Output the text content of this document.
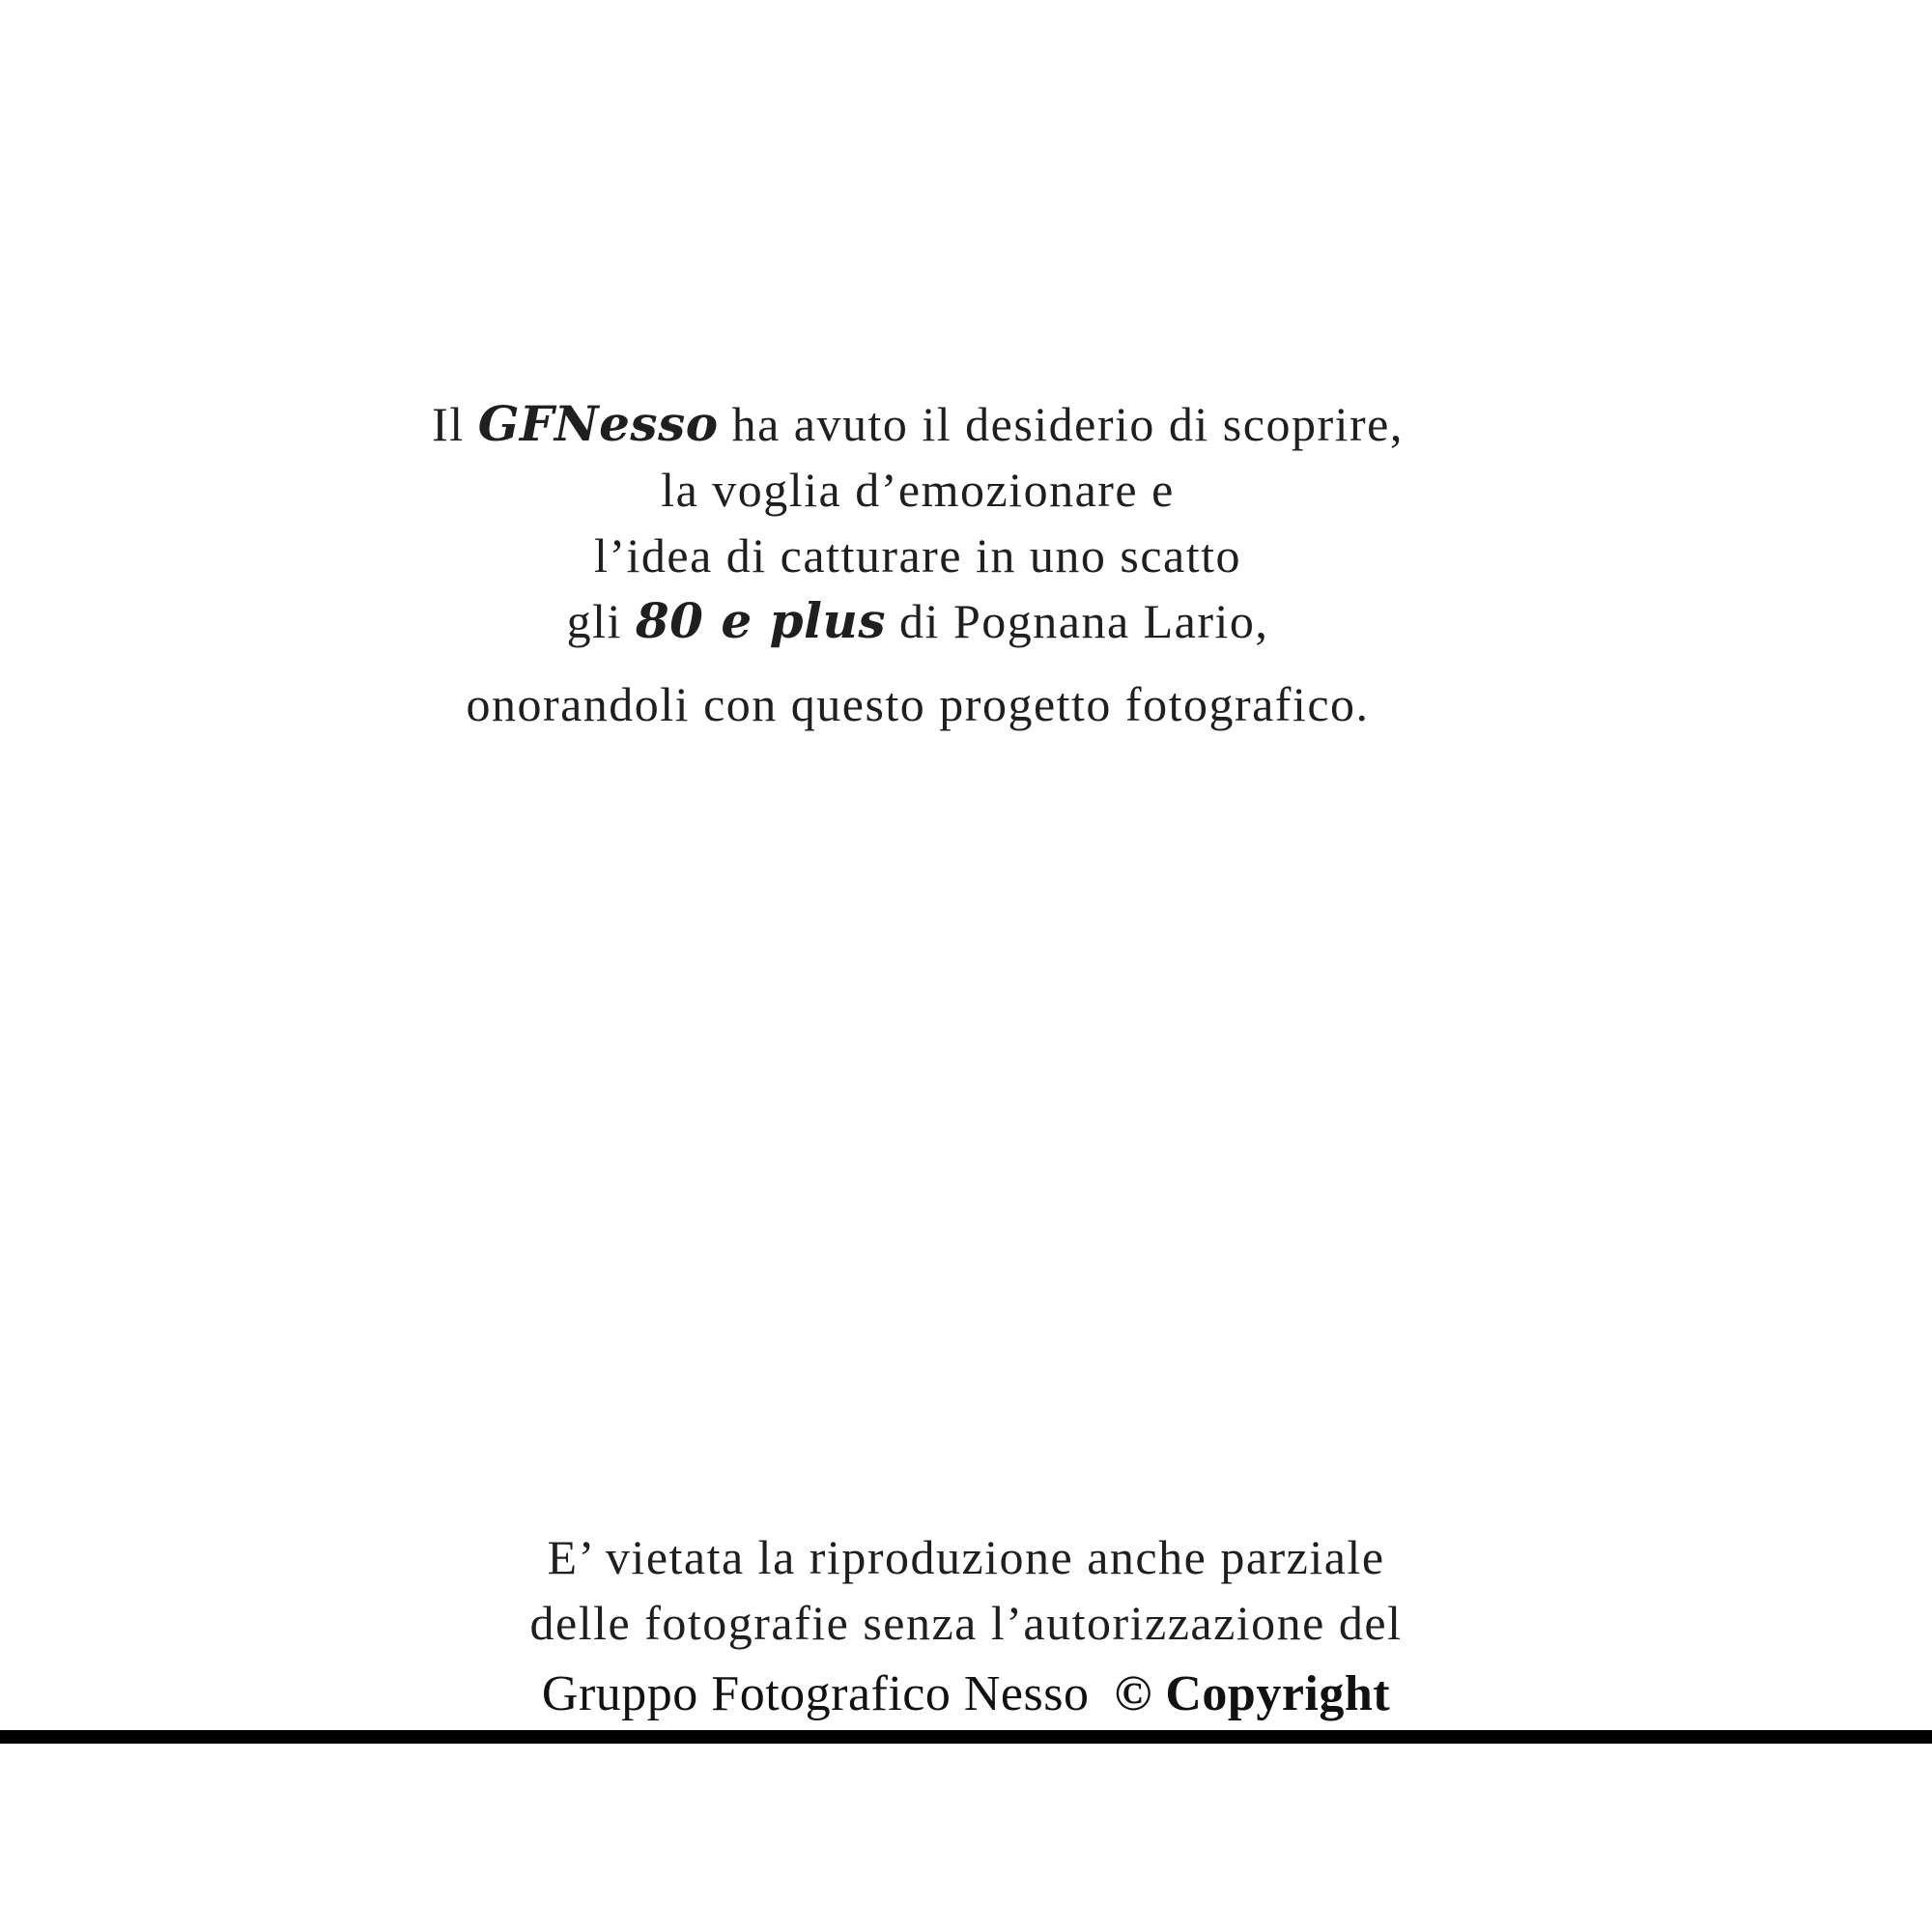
Il GFNesso ha avuto il desiderio di scoprire,
la voglia d’emozionare e
l’idea di catturare in uno scatto
gli 80 e plus di Pognana Lario,
onorandoli con questo progetto fotografico.
E’ vietata la riproduzione anche parziale
delle fotografie senza l’autorizzazione del
Gruppo Fotografico Nesso © Copyright
